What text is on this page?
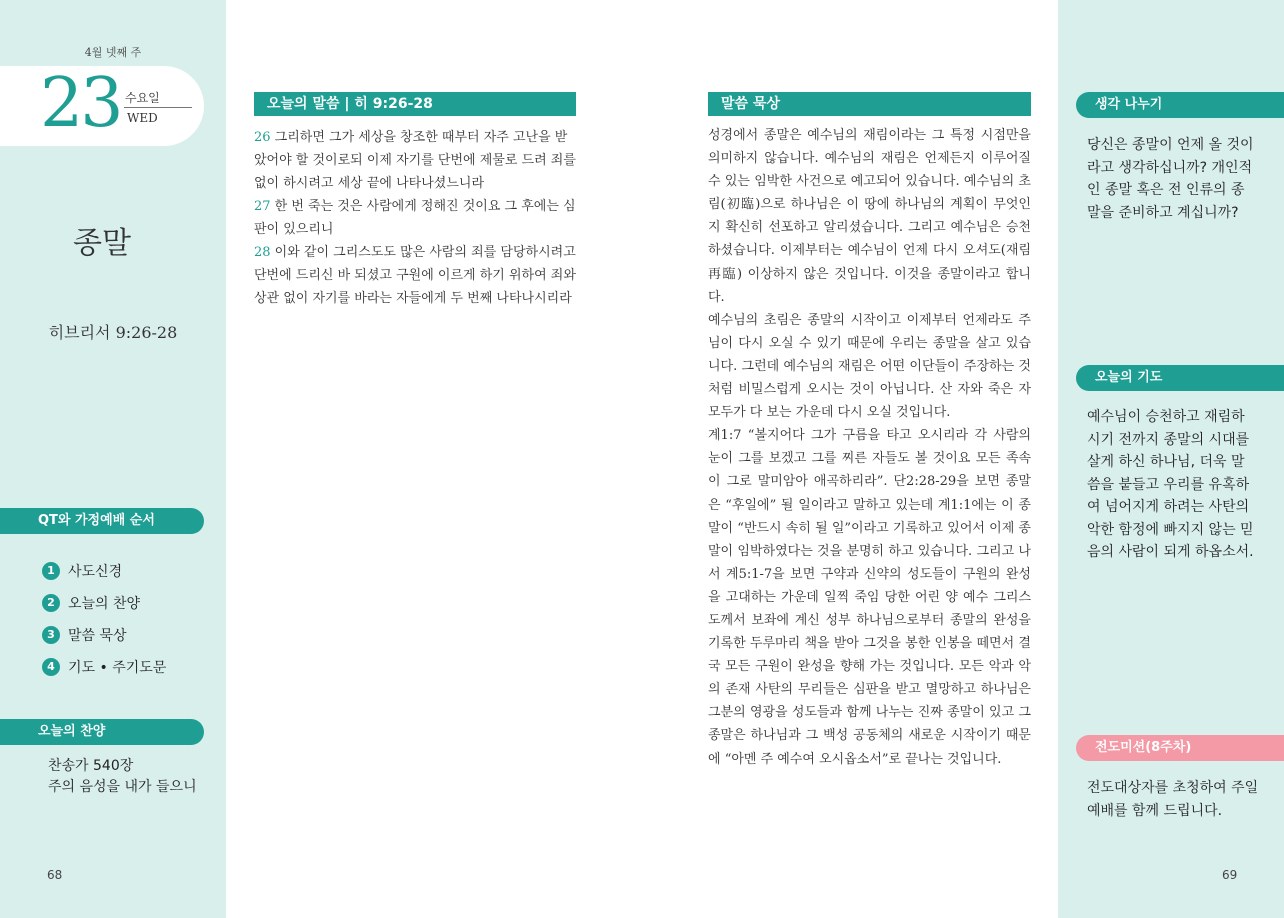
4월 넷째 주
23 수요일
WED
종말
히브리서 9:26-28
QT와 가정예배 순서
1 사도신경
2 오늘의 찬양
3 말씀 묵상
4 기도 • 주기도문
오늘의 찬양
찬송가 540장
주의 음성을 내가 들으니
68
오늘의 말씀 | 히 9:26-28

26 그리하면 그가 세상을 창조한 때부터 자주 고난을 받았어야 할 것이로되 이제 자기를 단번에 제물로 드려 죄를 없이 하시려고 세상 끝에 나타나셨느니라

27 한 번 죽는 것은 사람에게 정해진 것이요 그 후에는 심판이 있으리니

28 이와 같이 그리스도도 많은 사람의 죄를 담당하시려고 단번에 드리신 바 되셨고 구원에 이르게 하기 위하여 죄와 상관 없이 자기를 바라는 자들에게 두 번째 나타나시리라

말씀 묵상

성경에서 종말은 예수님의 재림이라는 그 특정 시점만을 의미하지 않습니다. 예수님의 재림은 언제든지 이루어질 수 있는 임박한 사건으로 예고되어 있습니다. 예수님의 초림(初臨)으로 하나님은 이 땅에 하나님의 계획이 무엇인지 확신히 선포하고 알리셨습니다. 그리고 예수님은 승천하셨습니다. 이제부터는 예수님이 언제 다시 오셔도(재림 再臨) 이상하지 않은 것입니다. 이것을 종말이라고 합니다.

예수님의 초림은 종말의 시작이고 이제부터 언제라도 주님이 다시 오실 수 있기 때문에 우리는 종말을 살고 있습니다. 그런데 예수님의 재림은 어떤 이단들이 주장하는 것처럼 비밀스럽게 오시는 것이 아닙니다. 산 자와 죽은 자 모두가 다 보는 가운데 다시 오실 것입니다.

계1:7 “볼지어다 그가 구름을 타고 오시리라 각 사람의 눈이 그를 보겠고 그를 찌른 자들도 볼 것이요 모든 족속이 그로 말미암아 애곡하리라”. 단2:28-29을 보면 종말은 “후일에” 될 일이라고 말하고 있는데 계1:1에는 이 종말이 “반드시 속히 될 일”이라고 기록하고 있어서 이제 종말이 임박하였다는 것을 분명히 하고 있습니다. 그리고 나서 계5:1-7을 보면 구약과 신약의 성도들이 구원의 완성을 고대하는 가운데 일찍 죽임 당한 어린 양 예수 그리스도께서 보좌에 계신 성부 하나님으로부터 종말의 완성을 기록한 두루마리 책을 받아 그것을 봉한 인봉을 떼면서 결국 모든 구원이 완성을 향해 가는 것입니다. 모든 악과 악의 존재 사탄의 무리들은 심판을 받고 멸망하고 하나님은 그분의 영광을 성도들과 함께 나누는 진짜 종말이 있고 그 종말은 하나님과 그 백성 공동체의 새로운 시작이기 때문에 “아멘 주 예수여 오시옵소서”로 끝나는 것입니다.

생각 나누기
당신은 종말이 언제 올 것이라고 생각하십니까? 개인적인 종말 혹은 전 인류의 종말을 준비하고 계십니까?
오늘의 기도
예수님이 승천하고 재림하시기 전까지 종말의 시대를 살게 하신 하나님, 더욱 말씀을 붙들고 우리를 유혹하여 넘어지게 하려는 사탄의 악한 함정에 빠지지 않는 믿음의 사람이 되게 하옵소서.
전도미션(8주차)
전도대상자를 초청하여 주일예배를 함께 드립니다.
69
